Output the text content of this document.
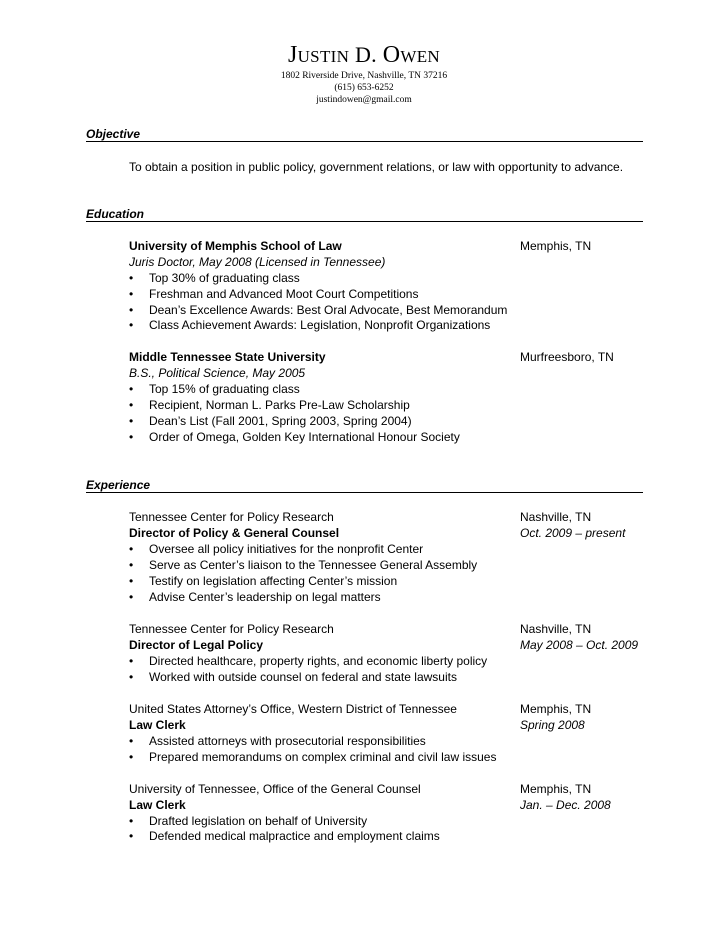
JUSTIN D. OWEN
1802 Riverside Drive, Nashville, TN 37216
(615) 653-6252
justindowen@gmail.com
Objective
To obtain a position in public policy, government relations, or law with opportunity to advance.
Education
University of Memphis School of Law	Memphis, TN
Juris Doctor, May 2008 (Licensed in Tennessee)
• Top 30% of graduating class
• Freshman and Advanced Moot Court Competitions
• Dean’s Excellence Awards: Best Oral Advocate, Best Memorandum
• Class Achievement Awards: Legislation, Nonprofit Organizations
Middle Tennessee State University	Murfreesboro, TN
B.S., Political Science, May 2005
• Top 15% of graduating class
• Recipient, Norman L. Parks Pre-Law Scholarship
• Dean’s List (Fall 2001, Spring 2003, Spring 2004)
• Order of Omega, Golden Key International Honour Society
Experience
Tennessee Center for Policy Research	Nashville, TN
Director of Policy & General Counsel	Oct. 2009 – present
• Oversee all policy initiatives for the nonprofit Center
• Serve as Center’s liaison to the Tennessee General Assembly
• Testify on legislation affecting Center’s mission
• Advise Center’s leadership on legal matters
Tennessee Center for Policy Research	Nashville, TN
Director of Legal Policy	May 2008 – Oct. 2009
• Directed healthcare, property rights, and economic liberty policy
• Worked with outside counsel on federal and state lawsuits
United States Attorney’s Office, Western District of Tennessee	Memphis, TN
Law Clerk	Spring 2008
• Assisted attorneys with prosecutorial responsibilities
• Prepared memorandums on complex criminal and civil law issues
University of Tennessee, Office of the General Counsel	Memphis, TN
Law Clerk	Jan. – Dec. 2008
• Drafted legislation on behalf of University
• Defended medical malpractice and employment claims
